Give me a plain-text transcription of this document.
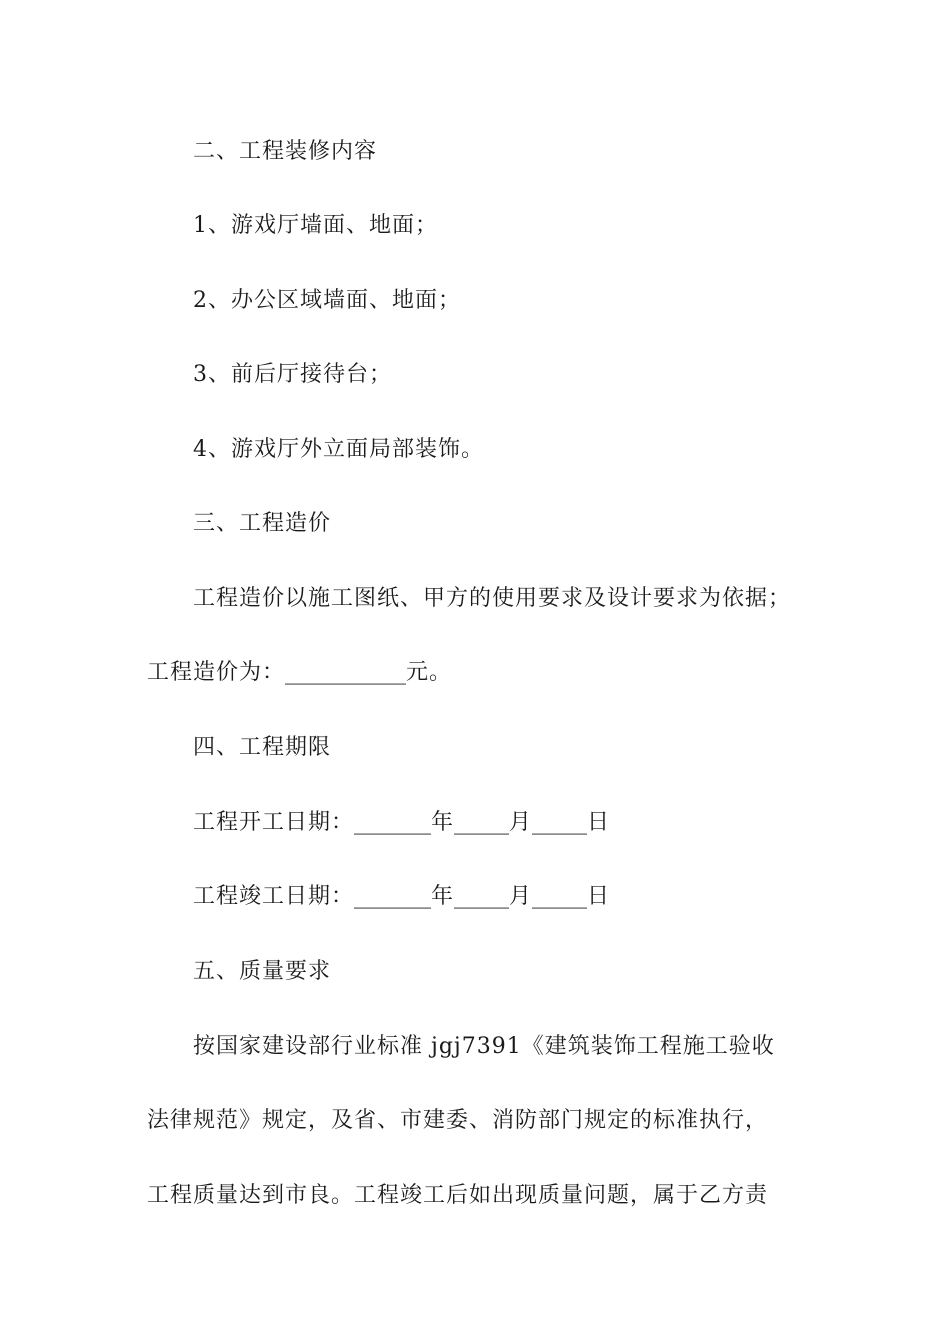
二、工程装修内容
1、游戏厅墙面、地面；
2、办公区域墙面、地面；
3、前后厅接待台；
4、游戏厅外立面局部装饰。
三、工程造价
工程造价以施工图纸、甲方的使用要求及设计要求为依据；
工程造价为：___________元。
四、工程期限
工程开工日期：_______年_____月_____日
工程竣工日期：_______年_____月_____日
五、质量要求
按国家建设部行业标准 jgj7391《建筑装饰工程施工验收
法律规范》规定，及省、市建委、消防部门规定的标准执行，
工程质量达到市良。工程竣工后如出现质量问题，属于乙方责
